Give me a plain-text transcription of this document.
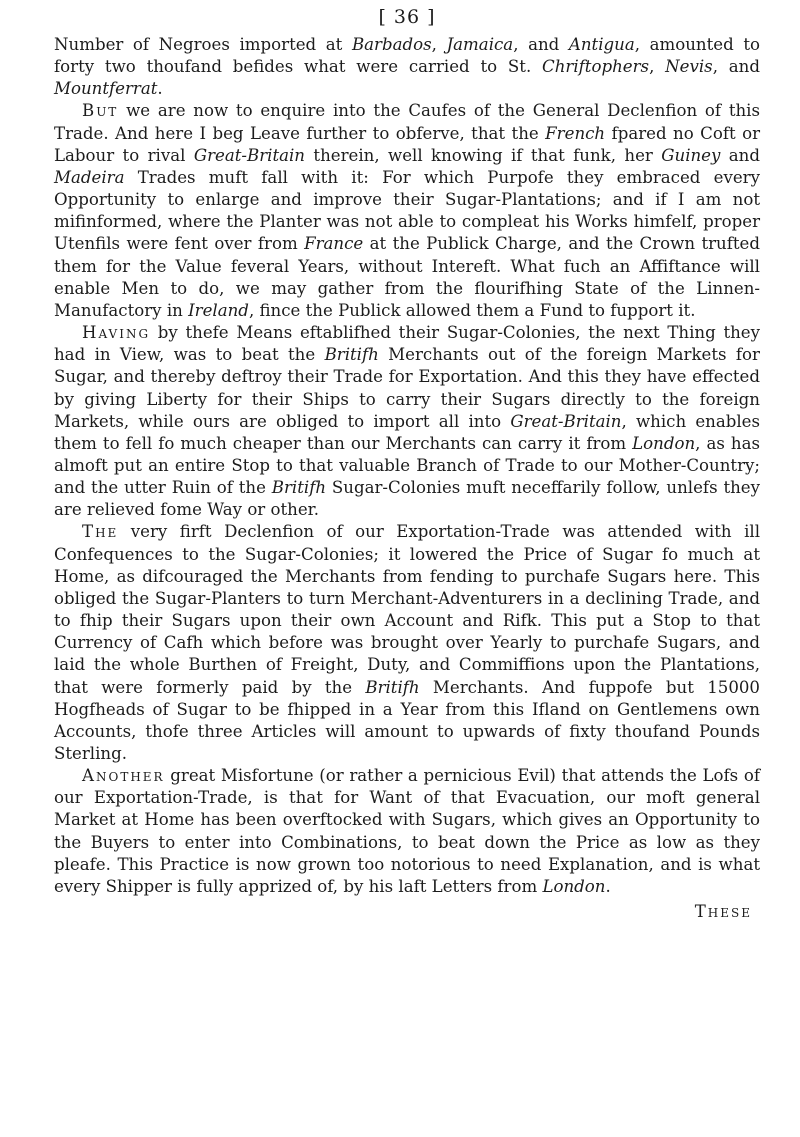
[ 36 ]

Number of Negroes imported at Barbados, Jamaica, and Antigua, amounted to forty two thoufand befides what were carried to St. Chriftophers, Nevis, and Mountferrat.

But we are now to enquire into the Caufes of the General Declenfion of this Trade. And here I beg Leave further to obferve, that the French fpared no Coft or Labour to rival Great-Britain therein, well knowing if that funk, her Guiney and Madeira Trades muft fall with it: For which Purpofe they embraced every Opportunity to enlarge and improve their Sugar-Plantations; and if I am not mifinformed, where the Planter was not able to compleat his Works himfelf, proper Utenfils were fent over from France at the Publick Charge, and the Crown trufted them for the Value feveral Years, without Intereft. What fuch an Affiftance will enable Men to do, we may gather from the flourifhing State of the Linnen-Manufactory in Ireland, fince the Publick allowed them a Fund to fupport it.

Having by thefe Means eftablifhed their Sugar-Colonies, the next Thing they had in View, was to beat the Britifh Merchants out of the foreign Markets for Sugar, and thereby deftroy their Trade for Exportation. And this they have effected by giving Liberty for their Ships to carry their Sugars directly to the foreign Markets, while ours are obliged to import all into Great-Britain, which enables them to fell fo much cheaper than our Merchants can carry it from London, as has almoft put an entire Stop to that valuable Branch of Trade to our Mother-Country; and the utter Ruin of the Britifh Sugar-Colonies muft neceffarily follow, unlefs they are relieved fome Way or other.

The very firft Declenfion of our Exportation-Trade was attended with ill Confequences to the Sugar-Colonies; it lowered the Price of Sugar fo much at Home, as difcouraged the Merchants from fending to purchafe Sugars here. This obliged the Sugar-Planters to turn Merchant-Adventurers in a declining Trade, and to fhip their Sugars upon their own Account and Rifk. This put a Stop to that Currency of Cafh which before was brought over Yearly to purchafe Sugars, and laid the whole Burthen of Freight, Duty, and Commiffions upon the Plantations, that were formerly paid by the Britifh Merchants. And fuppofe but 15000 Hogfheads of Sugar to be fhipped in a Year from this Ifland on Gentlemens own Accounts, thofe three Articles will amount to upwards of fixty thoufand Pounds Sterling.

Another great Misfortune (or rather a pernicious Evil) that attends the Lofs of our Exportation-Trade, is that for Want of that Evacuation, our moft general Market at Home has been overftocked with Sugars, which gives an Opportunity to the Buyers to enter into Combinations, to beat down the Price as low as they pleafe. This Practice is now grown too notorious to need Explanation, and is what every Shipper is fully apprized of, by his laft Letters from London.

These
